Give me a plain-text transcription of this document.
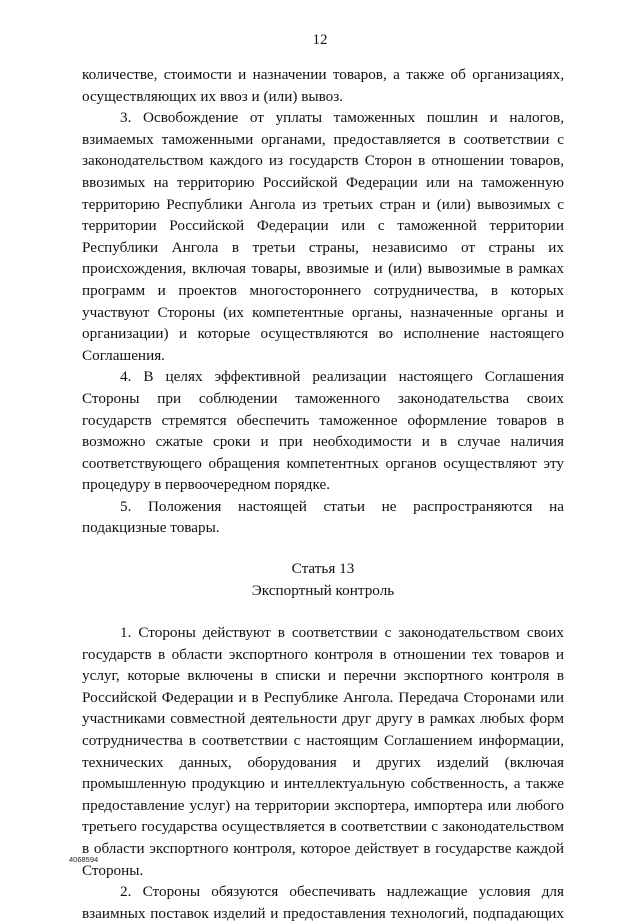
12

количестве, стоимости и назначении товаров, а также об организациях, осуществляющих их ввоз и (или) вывоз.

3. Освобождение от уплаты таможенных пошлин и налогов, взимаемых таможенными органами, предоставляется в соответствии с законодательством каждого из государств Сторон в отношении товаров, ввозимых на территорию Российской Федерации или на таможенную территорию Республики Ангола из третьих стран и (или) вывозимых с территории Российской Федерации или с таможенной территории Республики Ангола в третьи страны, независимо от страны их происхождения, включая товары, ввозимые и (или) вывозимые в рамках программ и проектов многостороннего сотрудничества, в которых участвуют Стороны (их компетентные органы, назначенные органы и организации) и которые осуществляются во исполнение настоящего Соглашения.

4. В целях эффективной реализации настоящего Соглашения Стороны при соблюдении таможенного законодательства своих государств стремятся обеспечить таможенное оформление товаров в возможно сжатые сроки и при необходимости и в случае наличия соответствующего обращения компетентных органов осуществляют эту процедуру в первоочередном порядке.

5. Положения настоящей статьи не распространяются на подакцизные товары.

Статья 13
Экспортный контроль

1. Стороны действуют в соответствии с законодательством своих государств в области экспортного контроля в отношении тех товаров и услуг, которые включены в списки и перечни экспортного контроля в Российской Федерации и в Республике Ангола. Передача Сторонами или участниками совместной деятельности друг другу в рамках любых форм сотрудничества в соответствии с настоящим Соглашением информации, технических данных, оборудования и других изделий (включая промышленную продукцию и интеллектуальную собственность, а также предоставление услуг) на территории экспортера, импортера или любого третьего государства осуществляется в соответствии с законодательством в области экспортного контроля, которое действует в государстве каждой Стороны.

2. Стороны обязуются обеспечивать надлежащие условия для взаимных поставок изделий и предоставления технологий, подпадающих

4068594
